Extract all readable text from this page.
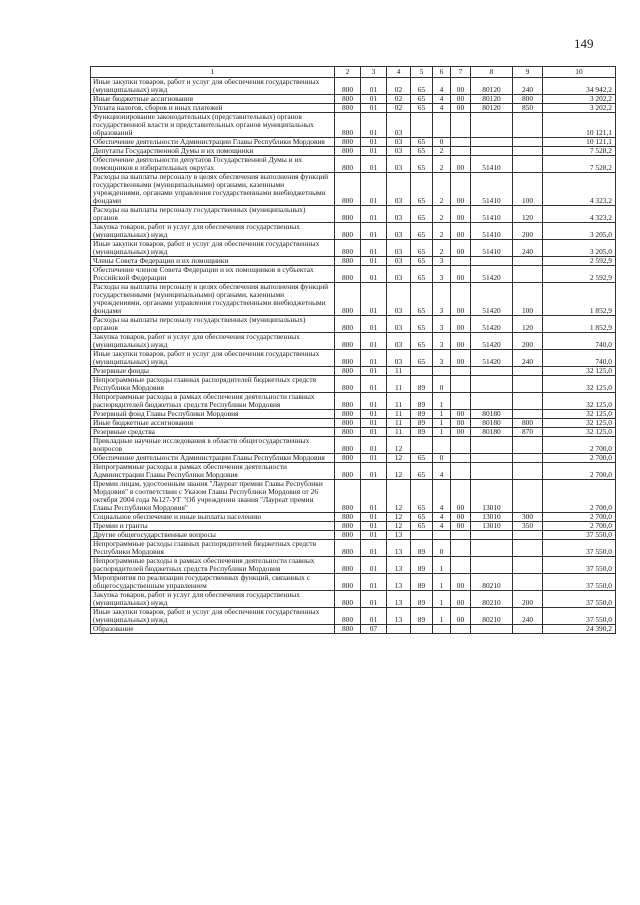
149
1	2	3	4	5	6	7	8	9	10
Иные закупки товаров, работ и услуг для обеспечения государственных (муниципальных) нужд	800	01	02	65	4	00	80120	240	34 942,2
Иные бюджетные ассигнования	800	01	02	65	4	00	80120	800	3 202,2
Уплата налогов, сборов и иных платежей	800	01	02	65	4	00	80120	850	3 202,2
Функционирование законодательных (представительных) органов государственной власти и представительных органов муниципальных образований	800	01	03						10 121,1
Обеспечение деятельности Администрации Главы Республики Мордовия	800	01	03	65	0				10 121,1
Депутаты Государственной Думы и их помощники	800	01	03	65	2				7 528,2
Обеспечение деятельности депутатов Государственной Думы и их помощников в избирательных округах	800	01	03	65	2	00	51410		7 528,2
Расходы на выплаты персоналу в целях обеспечения выполнения функций государственными (муниципальными) органами, казенными учреждениями, органами управления государственными внебюджетными фондами	800	01	03	65	2	00	51410	100	4 323,2
Расходы на выплаты персоналу государственных (муниципальных) органов	800	01	03	65	2	00	51410	120	4 323,2
Закупка товаров, работ и услуг для обеспечения государственных (муниципальных) нужд	800	01	03	65	2	00	51410	200	3 205,0
Иные закупки товаров, работ и услуг для обеспечения государственных (муниципальных) нужд	800	01	03	65	2	00	51410	240	3 205,0
Члены Совета Федерации и их помощники	800	01	03	65	3				2 592,9
Обеспечение членов Совета Федерации и их помощников в субъектах Российской Федерации	800	01	03	65	3	00	51420		2 592,9
Расходы на выплаты персоналу в целях обеспечения выполнения функций государственными (муниципальными) органами, казенными учреждениями, органами управления государственными внебюджетными фондами	800	01	03	65	3	00	51420	100	1 852,9
Расходы на выплаты персоналу государственных (муниципальных) органов	800	01	03	65	3	00	51420	120	1 852,9
Закупка товаров, работ и услуг для обеспечения государственных (муниципальных) нужд	800	01	03	65	3	00	51420	200	740,0
Иные закупки товаров, работ и услуг для обеспечения государственных (муниципальных) нужд	800	01	03	65	3	00	51420	240	740,0
Резервные фонды	800	01	11						32 125,0
Непрограммные расходы главных распорядителей бюджетных средств Республики Мордовия	800	01	11	89	0				32 125,0
Непрограммные расходы в рамках обеспечения деятельности главных распорядителей бюджетных средств Республики Мордовия	800	01	11	89	1				32 125,0
Резервный фонд Главы Республики Мордовия	800	01	11	89	1	00	80180		32 125,0
Иные бюджетные ассигнования	800	01	11	89	1	00	80180	800	32 125,0
Резервные средства	800	01	11	89	1	00	80180	870	32 125,0
Прикладные научные исследования в области общегосударственных вопросов	800	01	12						2 700,0
Обеспечение деятельности Администрации Главы Республики Мордовия	800	01	12	65	0				2 700,0
Непрограммные расходы в рамках обеспечения деятельности Администрации Главы Республики Мордовия	800	01	12	65	4				2 700,0
Премии лицам, удостоенным звания "Лауреат премии Главы Республики Мордовия" в соответствии с Указом Главы Республики Мордовия от 26 октября 2004 года №127-УГ "Об учреждении звания "Лауреат премии Главы Республики Мордовия"	800	01	12	65	4	00	13010		2 700,0
Социальное обеспечение и иные выплаты населению	800	01	12	65	4	00	13010	300	2 700,0
Премии и гранты	800	01	12	65	4	00	13010	350	2 700,0
Другие общегосударственные вопросы	800	01	13						37 550,0
Непрограммные расходы главных распорядителей бюджетных средств Республики Мордовия	800	01	13	89	0				37 550,0
Непрограммные расходы в рамках обеспечения деятельности главных распорядителей бюджетных средств Республики Мордовия	800	01	13	89	1				37 550,0
Мероприятия по реализации государственных функций, связанных с общегосударственным управлением	800	01	13	89	1	00	80210		37 550,0
Закупка товаров, работ и услуг для обеспечения государственных (муниципальных) нужд	800	01	13	89	1	00	80210	200	37 550,0
Иные закупки товаров, работ и услуг для обеспечения государственных (муниципальных) нужд	800	01	13	89	1	00	80210	240	37 550,0
Образование	800	07							24 390,2
